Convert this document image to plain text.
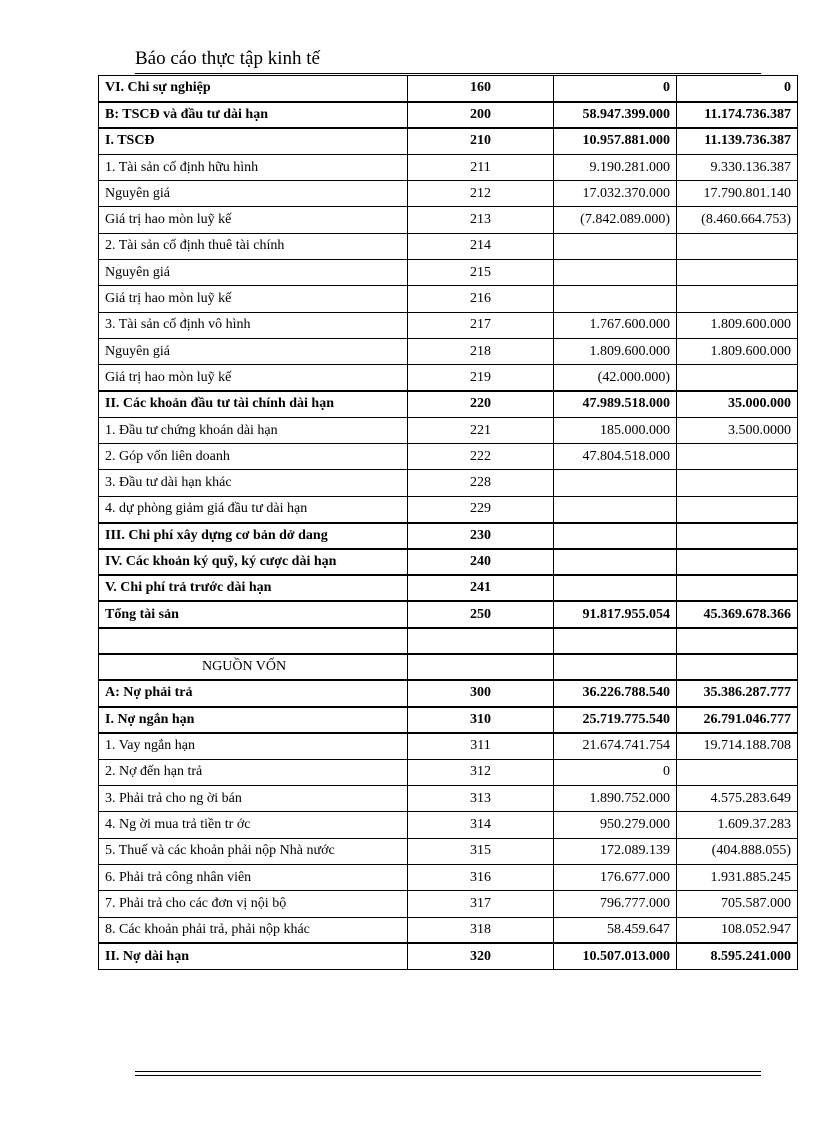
Báo cáo thực tập kinh tế
VI. Chi sự nghiệp	160	0	0
B: TSCĐ và đầu tư dài hạn	200	58.947.399.000	11.174.736.387
I. TSCĐ	210	10.957.881.000	11.139.736.387
1. Tài sản cố định hữu hình	211	9.190.281.000	9.330.136.387
Nguyên giá	212	17.032.370.000	17.790.801.140
Giá trị hao mòn luỹ kế	213	(7.842.089.000)	(8.460.664.753)
2. Tài sản cố định thuê tài chính	214		
Nguyên giá	215		
Giá trị hao mòn luỹ kế	216		
3. Tài sản cố định vô hình	217	1.767.600.000	1.809.600.000
Nguyên giá	218	1.809.600.000	1.809.600.000
Giá trị hao mòn luỹ kế	219	(42.000.000)	
II. Các khoản đầu tư tài chính dài hạn	220	47.989.518.000	35.000.000
1. Đầu tư chứng khoán dài hạn	221	185.000.000	3.500.0000
2. Góp vốn liên doanh	222	47.804.518.000	
3. Đầu tư dài hạn khác	228		
4. dự phòng giảm giá đầu tư dài hạn	229		
III. Chi phí xây dựng cơ bản dở dang	230		
IV. Các khoản ký quỹ, ký cược dài hạn	240		
V. Chi phí trả trước dài hạn	241		
Tổng tài sản	250	91.817.955.054	45.369.678.366

NGUỒN VỐN			
A: Nợ phải trả	300	36.226.788.540	35.386.287.777
I. Nợ ngắn hạn	310	25.719.775.540	26.791.046.777
1. Vay ngắn hạn	311	21.674.741.754	19.714.188.708
2. Nợ đến hạn trả	312	0	
3. Phải trả cho ng ời bán	313	1.890.752.000	4.575.283.649
4. Ng ời mua trả tiền tr ớc	314	950.279.000	1.609.37.283
5. Thuế và các khoản phải nộp Nhà nước	315	172.089.139	(404.888.055)
6. Phải trả công nhân viên	316	176.677.000	1.931.885.245
7. Phải trả cho các đơn vị nội bộ	317	796.777.000	705.587.000
8. Các khoản phải trả, phải nộp khác	318	58.459.647	108.052.947
II. Nợ dài hạn	320	10.507.013.000	8.595.241.000
